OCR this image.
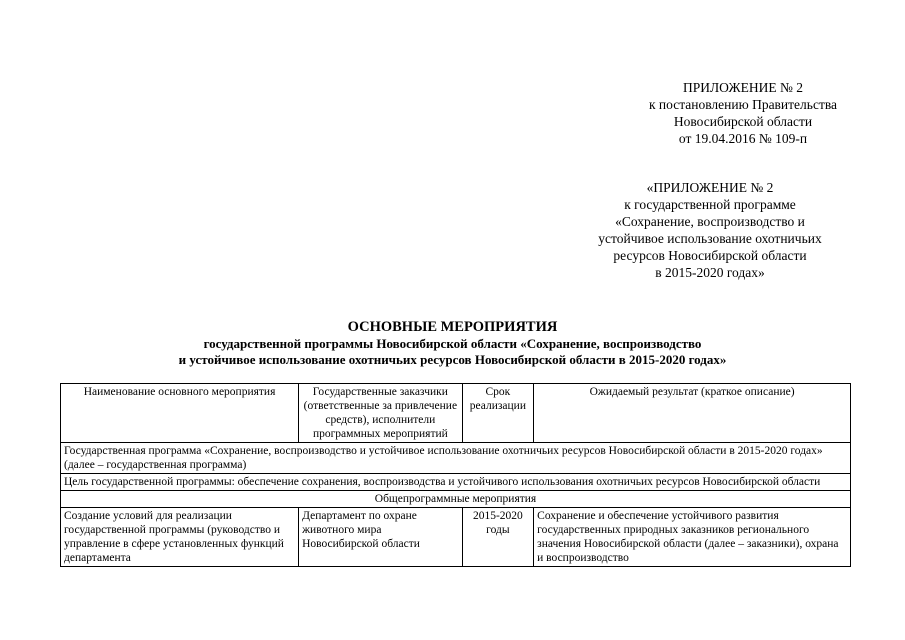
ПРИЛОЖЕНИЕ № 2
к постановлению Правительства
Новосибирской области
от 19.04.2016 № 109-п
«ПРИЛОЖЕНИЕ № 2
к государственной программе
«Сохранение, воспроизводство и
устойчивое использование охотничьих
ресурсов Новосибирской области
в 2015-2020 годах»
ОСНОВНЫЕ МЕРОПРИЯТИЯ
государственной программы Новосибирской области «Сохранение, воспроизводство
и устойчивое использование охотничьих ресурсов Новосибирской области в 2015-2020 годах»
Наименование основного мероприятия	Государственные заказчики (ответственные за привлечение средств), исполнители программных мероприятий	Срок реализации	Ожидаемый результат (краткое описание)
Государственная программа «Сохранение, воспроизводство и устойчивое использование охотничьих ресурсов Новосибирской области в 2015-2020 годах» (далее – государственная программа)			
Цель государственной программы: обеспечение сохранения, воспроизводства и устойчивого использования охотничьих ресурсов Новосибирской области			
Общепрограммные мероприятия			
Создание условий для реализации государственной программы (руководство и управление в сфере установленных функций департамента	Департамент по охране животного мира Новосибирской области	2015-2020 годы	Сохранение и обеспечение устойчивого развития государственных природных заказников регионального значения Новосибирской области (далее – заказники), охрана и воспроизводство
